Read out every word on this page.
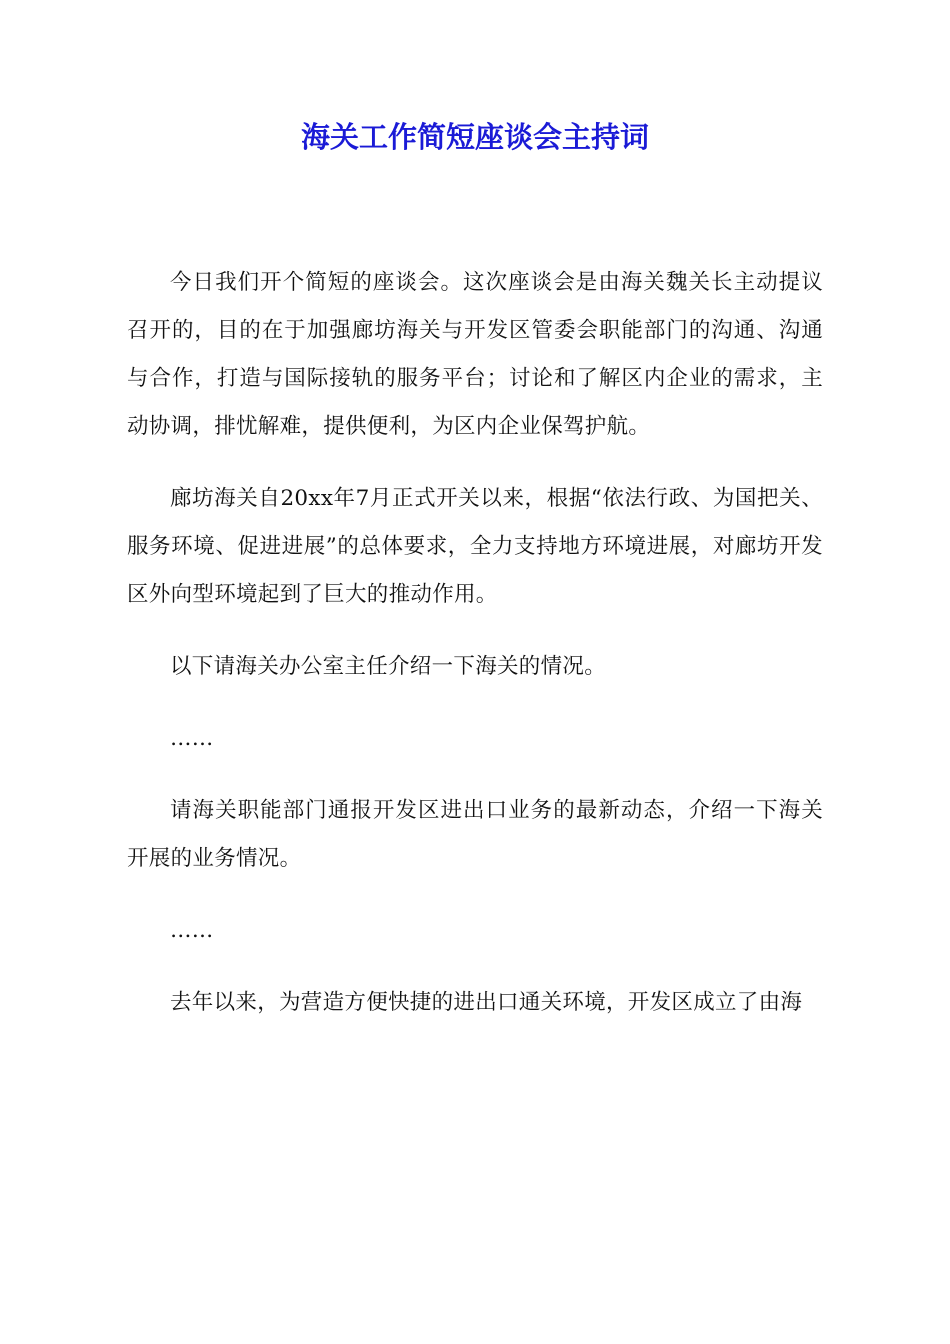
海关工作简短座谈会主持词

今日我们开个简短的座谈会。这次座谈会是由海关魏关长主动提议召开的，目的在于加强廊坊海关与开发区管委会职能部门的沟通、沟通与合作，打造与国际接轨的服务平台；讨论和了解区内企业的需求，主动协调，排忧解难，提供便利，为区内企业保驾护航。

廊坊海关自20xx年7月正式开关以来，根据“依法行政、为国把关、服务环境、促进进展”的总体要求，全力支持地方环境进展，对廊坊开发区外向型环境起到了巨大的推动作用。

以下请海关办公室主任介绍一下海关的情况。

……

请海关职能部门通报开发区进出口业务的最新动态，介绍一下海关开展的业务情况。

……

去年以来，为营造方便快捷的进出口通关环境，开发区成立了由海
